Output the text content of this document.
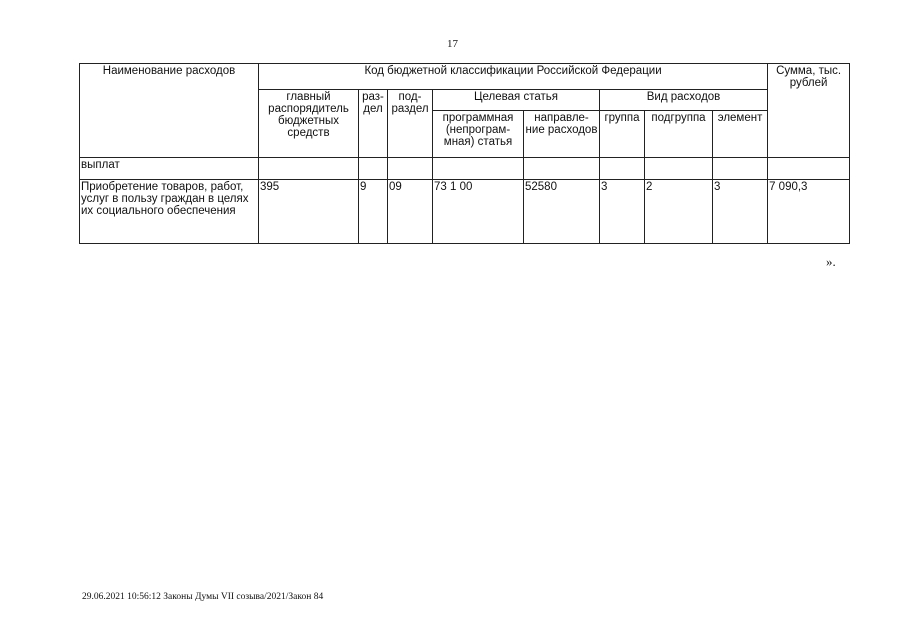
17
Наименование расходов	Код бюджетной классификации Российской Федерации								Сумма, тыс. рублей
	главный распорядитель бюджетных средств	раз- дел	под- раздел	Целевая статья		Вид расходов			
				программная (непрограм- мная) статья	направле- ние расходов	группа	подгруппа	элемент	
выплат									
Приобретение товаров, работ, услуг в пользу граждан в целях их социального обеспечения	395	9	09	73 1 00	52580	3	2	3	7 090,3
».
29.06.2021 10:56:12 Законы Думы VII созыва/2021/Закон 84
